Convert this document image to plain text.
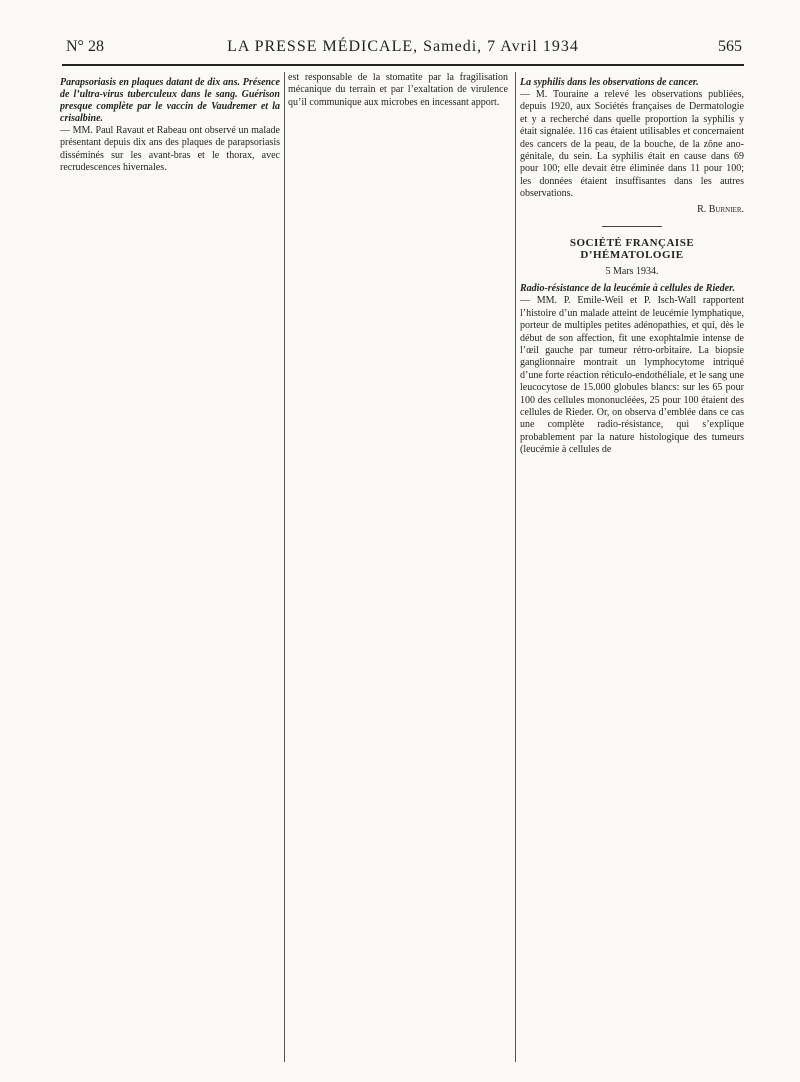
N° 28	LA PRESSE MÉDICALE, Samedi, 7 Avril 1934	565
Parapsoriasis en plaques datant de dix ans. Présence de l’ultra-virus tuberculeux dans le sang. Guérison presque complète par le vaccin de Vaudremer et la crisalbine.

— MM. Paul Ravaut et Rabeau ont observé un malade présentant depuis dix ans des plaques de parapsoriasis disséminés sur les avant-bras et le thorax, avec recrudescences hivernales.

est responsable de la stomatite par la fragilisation mécanique du terrain et par l’exaltation de virulence qu’il communique aux microbes en incessant apport.

La syphilis dans les observations de cancer.

— M. Touraine a relevé les observations publiées, depuis 1920, aux Sociétés françaises de Dermatologie et y a recherché dans quelle proportion la syphilis y était signalée. 116 cas étaient utilisables et concernaient des cancers de la peau, de la bouche, de la zône ano-génitale, du sein. La syphilis était en cause dans 69 pour 100; elle devait être éliminée dans 11 pour 100; les données étaient insuffisantes dans les autres observations.

R. Burnier.

SOCIÉTÉ FRANÇAISE D’HÉMATOLOGIE

5 Mars 1934.

Radio-résistance de la leucémie à cellules de Rieder.

— MM. P. Emile-Weil et P. Isch-Wall rapportent l’histoire d’un malade atteint de leucémie lymphatique, porteur de multiples petites adénopathies, et qui, dès le début de son affection, fit une exophtalmie intense de l’œil gauche par tumeur rétro-orbitaire. La biopsie ganglionnaire montrait un lymphocytome intriqué d’une forte réaction réticulo-endothéliale, et le sang une leucocytose de 15.000 globules blancs: sur les 65 pour 100 des cellules mononucléées, 25 pour 100 étaient des cellules de Rieder. Or, on observa d’emblée dans ce cas une complète radio-résistance, qui s’explique probablement par la nature histologique des tumeurs (leucémie à cellules de
